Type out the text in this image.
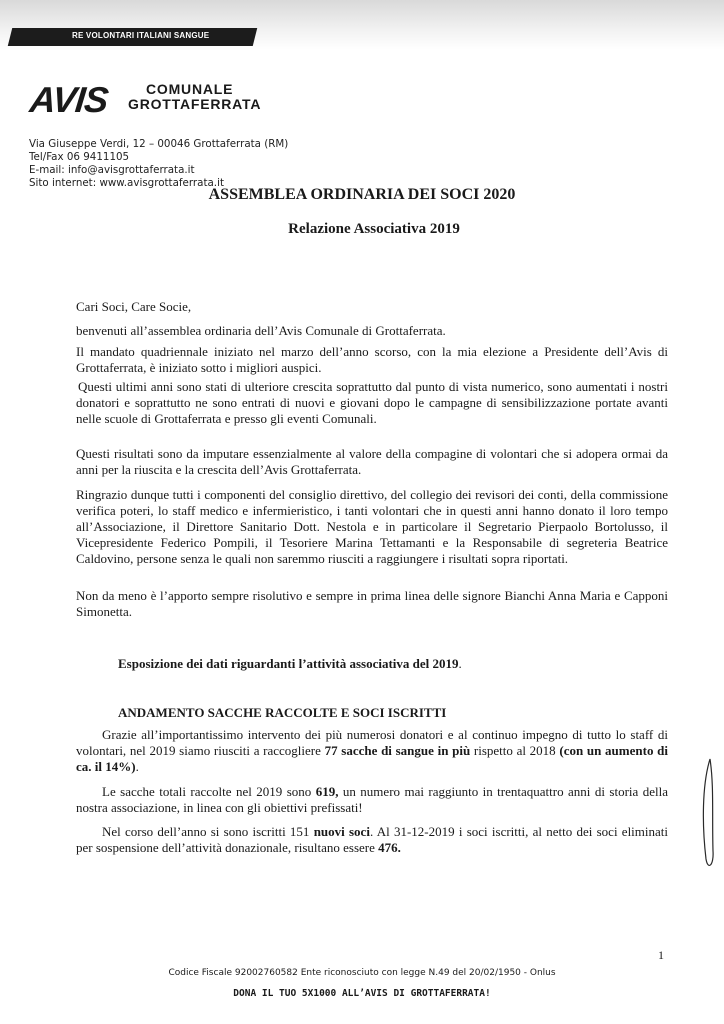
RE VOLONTARI ITALIANI SANGUE
AVIS	COMUNALE
GROTTAFERRATA
Via Giuseppe Verdi, 12 – 00046 Grottaferrata (RM)
Tel/Fax 06 9411105
E-mail: info@avisgrottaferrata.it
Sito internet: www.avisgrottaferrata.it
ASSEMBLEA ORDINARIA DEI SOCI 2020
Relazione Associativa 2019
Cari Soci, Care Socie,
benvenuti all’assemblea ordinaria dell’Avis Comunale di Grottaferrata.
Il mandato quadriennale iniziato nel marzo dell’anno scorso, con la mia elezione a Presidente dell’Avis di Grottaferrata, è iniziato sotto i migliori auspici.
Questi ultimi anni sono stati di ulteriore crescita soprattutto dal punto di vista numerico, sono aumentati i nostri donatori e soprattutto ne sono entrati di nuovi e giovani dopo le campagne di sensibilizzazione portate avanti nelle scuole di Grottaferrata e presso gli eventi Comunali.
Questi risultati sono da imputare essenzialmente al valore della compagine di volontari che si adopera ormai da anni per la riuscita e la crescita dell’Avis Grottaferrata.
Ringrazio dunque tutti i componenti del consiglio direttivo, del collegio dei revisori dei conti, della commissione verifica poteri, lo staff medico e infermieristico, i tanti volontari che in questi anni hanno donato il loro tempo all’Associazione, il Direttore Sanitario Dott. Nestola e in particolare il Segretario Pierpaolo Bortolusso, il Vicepresidente Federico Pompili, il Tesoriere Marina Tettamanti e la Responsabile di segreteria Beatrice Caldovino, persone senza le quali non saremmo riusciti a raggiungere i risultati sopra riportati.
Non da meno è l’apporto sempre risolutivo e sempre in prima linea delle signore Bianchi Anna Maria e Capponi Simonetta.
Esposizione dei dati riguardanti l’attività associativa del 2019.
ANDAMENTO SACCHE RACCOLTE E SOCI ISCRITTI
Grazie all’importantissimo intervento dei più numerosi donatori e al continuo impegno di tutto lo staff di volontari, nel 2019 siamo riusciti a raccogliere 77 sacche di sangue in più rispetto al 2018 (con un aumento di ca. il 14%).
Le sacche totali raccolte nel 2019 sono 619, un numero mai raggiunto in trentaquattro anni di storia della nostra associazione, in linea con gli obiettivi prefissati!
Nel corso dell’anno si sono iscritti 151 nuovi soci. Al 31-12-2019 i soci iscritti, al netto dei soci eliminati per sospensione dell’attività donazionale, risultano essere 476.
1
Codice Fiscale 92002760582 Ente riconosciuto con legge N.49 del 20/02/1950 - Onlus
DONA IL TUO 5X1000 ALL’AVIS DI GROTTAFERRATA!
